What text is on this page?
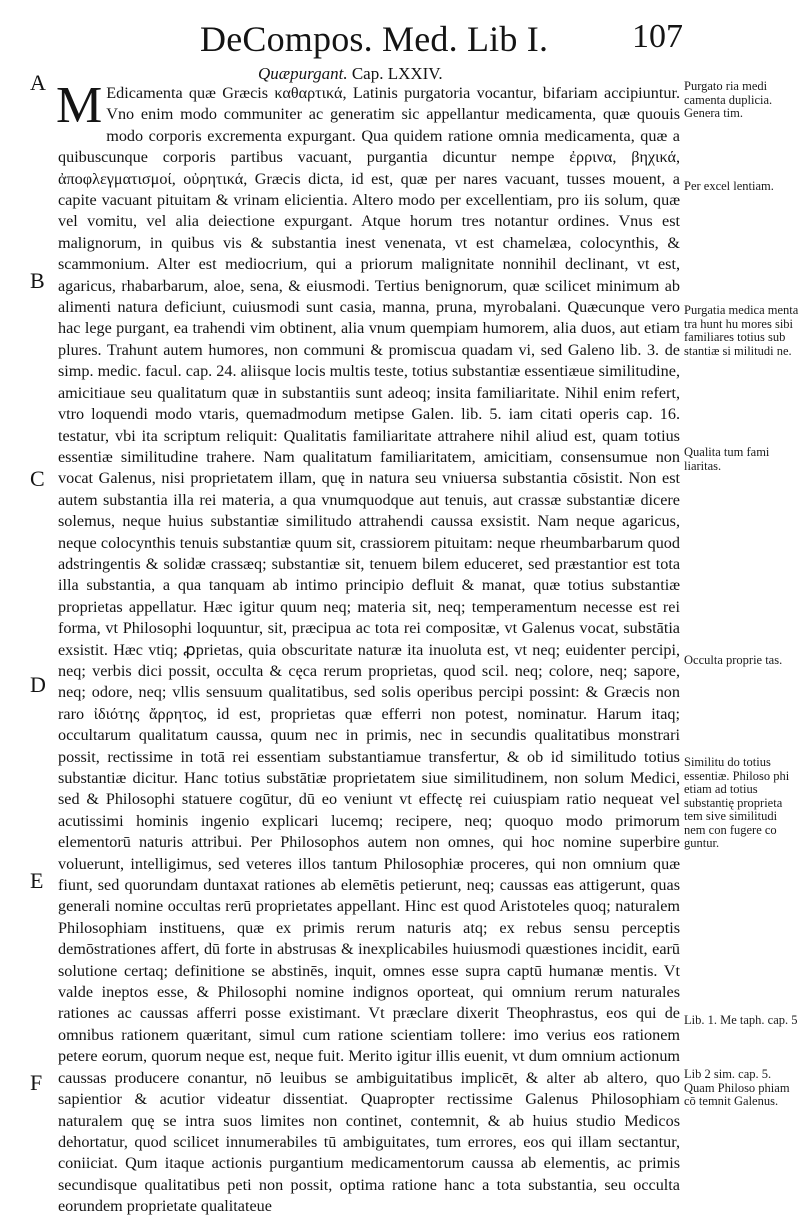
DeCompos. Med. Lib I. 107
Quæpurgant. Cap. LXXIV.
A
B
C
D
E
F

M Edicamenta quæ Græcis καθαρτικά, Latinis purgatoria vocantur, bifariam accipiuntur. Vno enim modo communiter ac generatim sic appellantur medicamenta, quæ quouis modo corporis excrementa expurgant. Qua quidem ratione omnia medicamenta, quæ a quibuscunque corporis partibus vacuant, purgantia dicuntur nempe ἐρρινα, βηχικά, ἀποφλεγματισμοί, οὐρητικά, Græcis dicta, id est, quæ per nares vacuant, tusses mouent, a capite vacuant pituitam & vrinam elicientia. Altero modo per excellentiam, pro iis solum, quæ vel vomitu, vel alia deiectione expurgant. Atque horum tres notantur ordines. Vnus est malignorum, in quibus vis & substantia inest venenata, vt est chamelæa, colocynthis, & scammonium. Alter est mediocrium, qui a priorum malignitate nonnihil declinant, vt est, agaricus, rhabarbarum, aloe, sena, & eiusmodi. Tertius benignorum, quæ scilicet minimum ab alimenti natura deficiunt, cuiusmodi sunt casia, manna, pruna, myrobalani. Quæcunque vero hac lege purgant, ea trahendi vim obtinent, alia vnum quempiam humorem, alia duos, aut etiam plures. Trahunt autem humores, non communi & promiscua quadam vi, sed Galeno lib. 3. de simp. medic. facul. cap. 24. aliisque locis multis teste, totius substantiæ essentiæue similitudine, amicitiaue seu qualitatum quæ in substantiis sunt adeoq; insita familiaritate. Nihil enim refert, vtro loquendi modo vtaris, quemadmodum metipse Galen. lib. 5. iam citati operis cap. 16. testatur, vbi ita scriptum reliquit: Qualitatis familiaritate attrahere nihil aliud est, quam totius essentiæ similitudine trahere. Nam qualitatum familiaritatem, amicitiam, consensumue non vocat Galenus, nisi proprietatem illam, quę in natura seu vniuersa substantia cōsistit. Non est autem substantia illa rei materia, a qua vnumquodque aut tenuis, aut crassæ substantiæ dicere solemus, neque huius substantiæ similitudo attrahendi caussa exsistit. Nam neque agaricus, neque colocynthis tenuis substantiæ quum sit, crassiorem pituitam: neque rheumbarbarum quod adstringentis & solidæ crassæq; substantiæ sit, tenuem bilem educeret, sed præstantior est tota illa substantia, a qua tanquam ab intimo principio defluit & manat, quæ totius substantiæ proprietas appellatur. Hæc igitur quum neq; materia sit, neq; temperamentum necesse est rei forma, vt Philosophi loquuntur, sit, præcipua ac tota rei compositæ, vt Galenus vocat, substātia exsistit. Hæc vtiq; ꝓprietas, quia obscuritate naturæ ita inuoluta est, vt neq; euidenter percipi, neq; verbis dici possit, occulta & cęca rerum proprietas, quod scil. neq; colore, neq; sapore, neq; odore, neq; vllis sensuum qualitatibus, sed solis operibus percipi possint: & Græcis non raro ἰδιότης ἄρρητος, id est, proprietas quæ efferri non potest, nominatur. Harum itaq; occultarum qualitatum caussa, quum nec in primis, nec in secundis qualitatibus monstrari possit, rectissime in totā rei essentiam substantiamue transfertur, & ob id similitudo totius substantiæ dicitur. Hanc totius substātiæ proprietatem siue similitudinem, non solum Medici, sed & Philosophi statuere cogūtur, dū eo veniunt vt effectę rei cuiuspiam ratio nequeat vel acutissimi hominis ingenio explicari lucemq; recipere, neq; quoquo modo primorum elementorū naturis attribui. Per Philosophos autem non omnes, qui hoc nomine superbire voluerunt, intelligimus, sed veteres illos tantum Philosophiæ proceres, qui non omnium quæ fiunt, sed quorundam duntaxat rationes ab elemētis petierunt, neq; caussas eas attigerunt, quas generali nomine occultas rerū proprietates appellant. Hinc est quod Aristoteles quoq; naturalem Philosophiam instituens, quæ ex primis rerum naturis atq; ex rebus sensu perceptis demōstrationes affert, dū forte in abstrusas & inexplicabiles huiusmodi quæstiones incidit, earū solutione certaq; definitione se abstinēs, inquit, omnes esse supra captū humanæ mentis. Vt valde ineptos esse, & Philosophi nomine indignos oporteat, qui omnium rerum naturales rationes ac caussas afferri posse existimant. Vt præclare dixerit Theophrastus, eos qui de omnibus rationem quæritant, simul cum ratione scientiam tollere: imo verius eos rationem petere eorum, quorum neque est, neque fuit. Merito igitur illis euenit, vt dum omnium actionum caussas producere conantur, nō leuibus se ambiguitatibus implicēt, & alter ab altero, quo sapientior & acutior videatur dissentiat. Quapropter rectissime Galenus Philosophiam naturalem quę se intra suos limites non continet, contemnit, & ab huius studio Medicos dehortatur, quod scilicet innumerabiles tū ambiguitates, tum errores, eos qui illam sectantur, coniiciat. Qum itaque actionis purgantium medicamentorum caussa ab elementis, ac primis secundisque qualitatibus peti non possit, optima ratione hanc a tota substantia, seu occulta eorundem proprietate qualitateue

Purgato ria medi camenta duplicia. Genera tim.
Per excel lentiam.
Purgatia medica menta tra hunt hu mores sibi familiares totius sub stantiæ si militudi ne.
Qualita tum fami liaritas.
Occulta proprie tas.
Similitu do totius essentiæ. Philoso phi etiam ad totius substantię proprieta tem sive similitudi nem con fugere co guntur.
Lib. 1. Me taph. cap. 5
Lib 2 sim. cap. 5. Quam Philoso phiam cō temnit Galenus.
